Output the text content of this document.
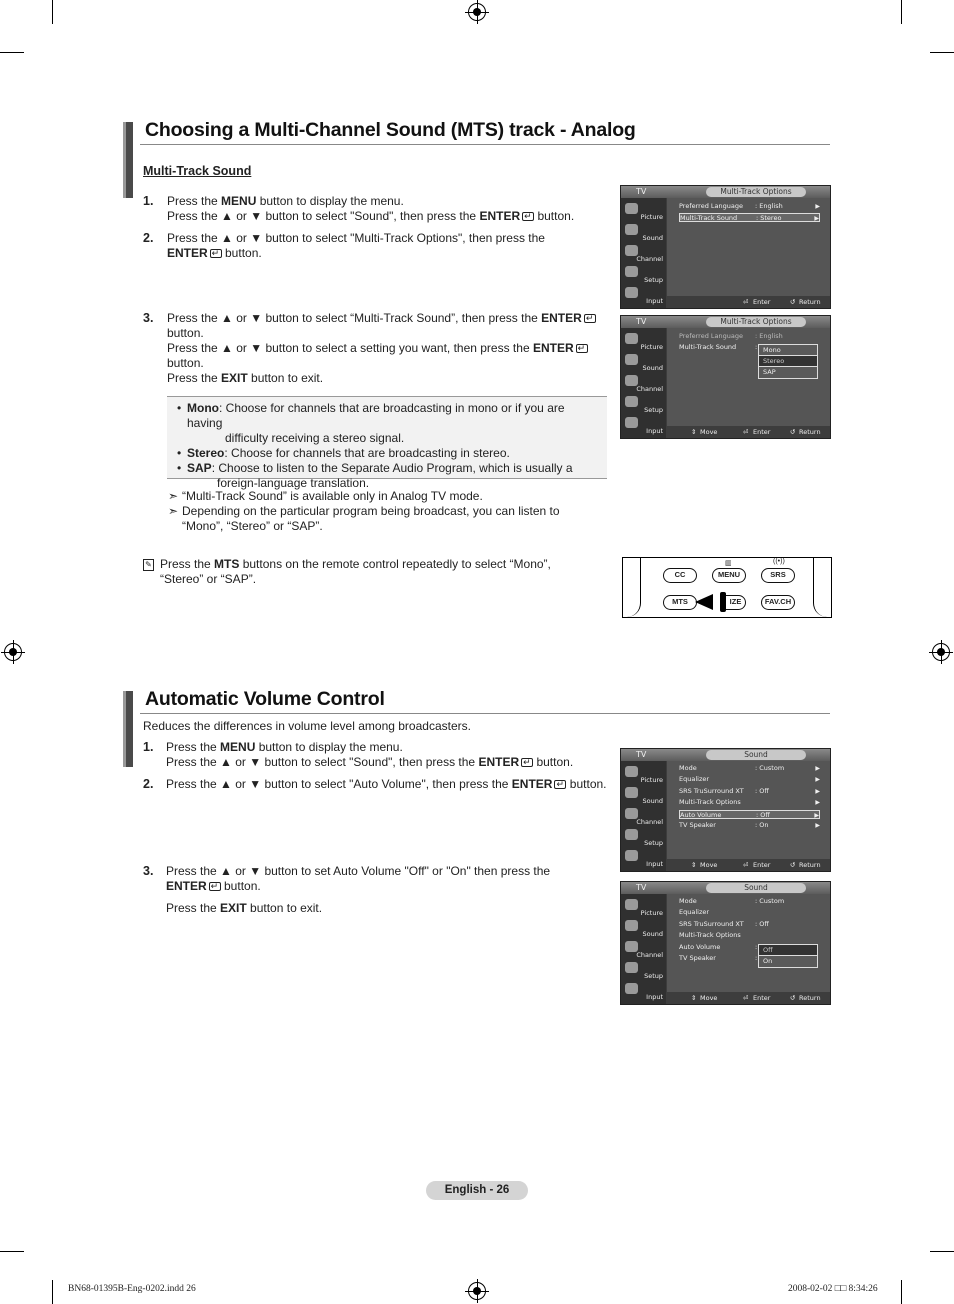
Choosing a Multi-Channel Sound (MTS) track - Analog
Multi-Track Sound
1. Press the MENU button to display the menu.
Press the ▲ or ▼ button to select "Sound", then press the ENTER↵ button.
2. Press the ▲ or ▼ button to select "Multi-Track Options", then press the
ENTER↵ button.
3. Press the ▲ or ▼ button to select “Multi-Track Sound”, then press the ENTER↵
button.
Press the ▲ or ▼ button to select a setting you want, then press the ENTER↵
button.
Press the EXIT button to exit.
• Mono: Choose for channels that are broadcasting in mono or if you are having
difficulty receiving a stereo signal.
• Stereo: Choose for channels that are broadcasting in stereo.
• SAP: Choose to listen to the Separate Audio Program, which is usually a
foreign-language translation.
➣ “Multi-Track Sound” is available only in Analog TV mode.
➣ Depending on the particular program being broadcast, you can listen to “Mono”, “Stereo” or “SAP”.
✎ Press the MTS buttons on the remote control repeatedly to select “Mono”, “Stereo” or “SAP”.
TV	Multi-Track Options
Picture
Sound
Channel
Setup
Input
Preferred Language : English	▶
Multi-Track Sound	: Stereo	▶
⏎ Enter	↺ Return
TV	Multi-Track Options
Picture
Sound
Channel
Setup
Input
Preferred Language : English
Multi-Track Sound	: Mono
Stereo
SAP
⇕ Move	⏎ Enter	↺ Return
CC	MENU	SRS
MTS	IZE	FAV.CH
▥	((•))
Automatic Volume Control
Reduces the differences in volume level among broadcasters.
1. Press the MENU button to display the menu.
Press the ▲ or ▼ button to select "Sound", then press the ENTER↵ button.
2. Press the ▲ or ▼ button to select "Auto Volume", then press the ENTER↵ button.
3. Press the ▲ or ▼ button to set Auto Volume "Off" or "On" then press the
ENTER↵ button.
Press the EXIT button to exit.
TV	Sound
Picture
Sound
Channel
Setup
Input
Mode	: Custom	▶
Equalizer	▶
SRS TruSurround XT : Off	▶
Multi-Track Options	▶
Auto Volume	: Off	▶
TV Speaker	: On	▶
⇕ Move	⏎ Enter	↺ Return
TV	Sound
Picture
Sound
Channel
Setup
Input
Mode	: Custom
Equalizer
SRS TruSurround XT : Off
Multi-Track Options
Auto Volume	:
TV Speaker	:
Off
On
⇕ Move	⏎ Enter	↺ Return
English - 26
BN68-01395B-Eng-0202.indd 26	2008-02-02 □□ 8:34:26
